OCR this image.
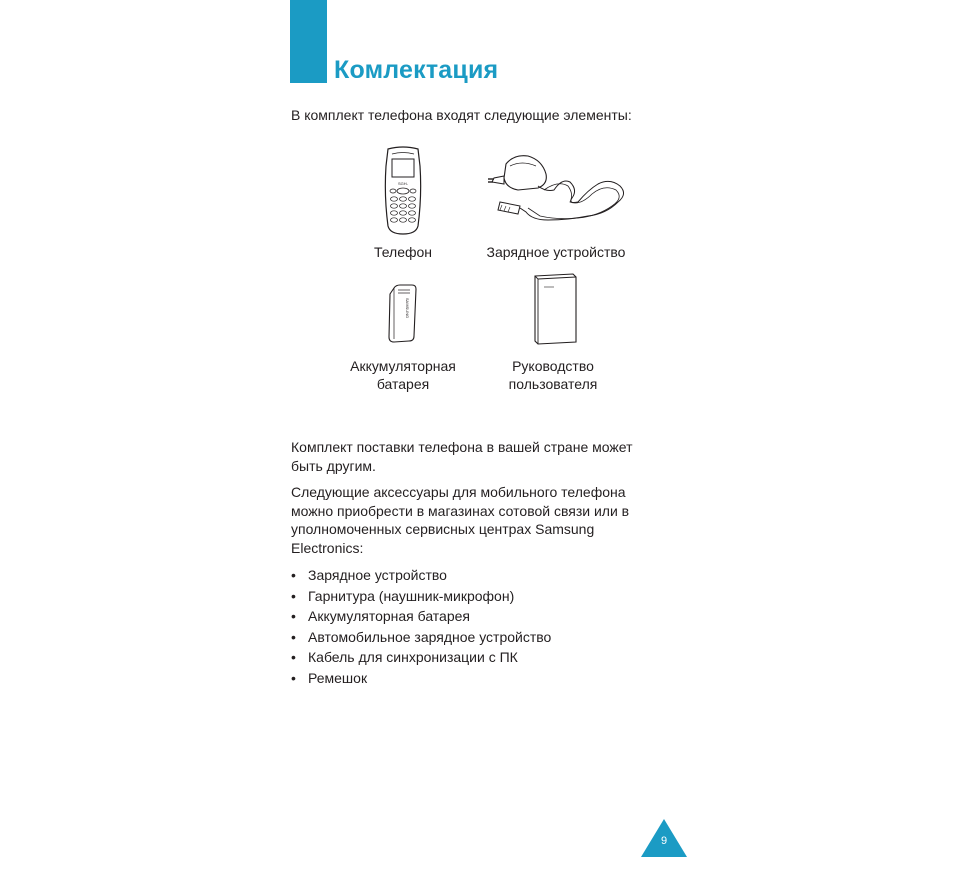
Комлектация
В комплект телефона входят следующие элементы:
SGH-
Телефон	Зарядное устройство
SAMSUNG
Аккумуляторная
батарея
Руководство
пользователя
Комплект поставки телефона в вашей стране может
быть другим.
Следующие аксессуары для мобильного телефона
можно приобрести в магазинах сотовой связи или в
уполномоченных сервисных центрах Samsung
Electronics:
• Зарядное устройство
• Гарнитура (наушник-микрофон)
• Аккумуляторная батарея
• Автомобильное зарядное устройство
• Кабель для синхронизации с ПК
• Ремешок
9
